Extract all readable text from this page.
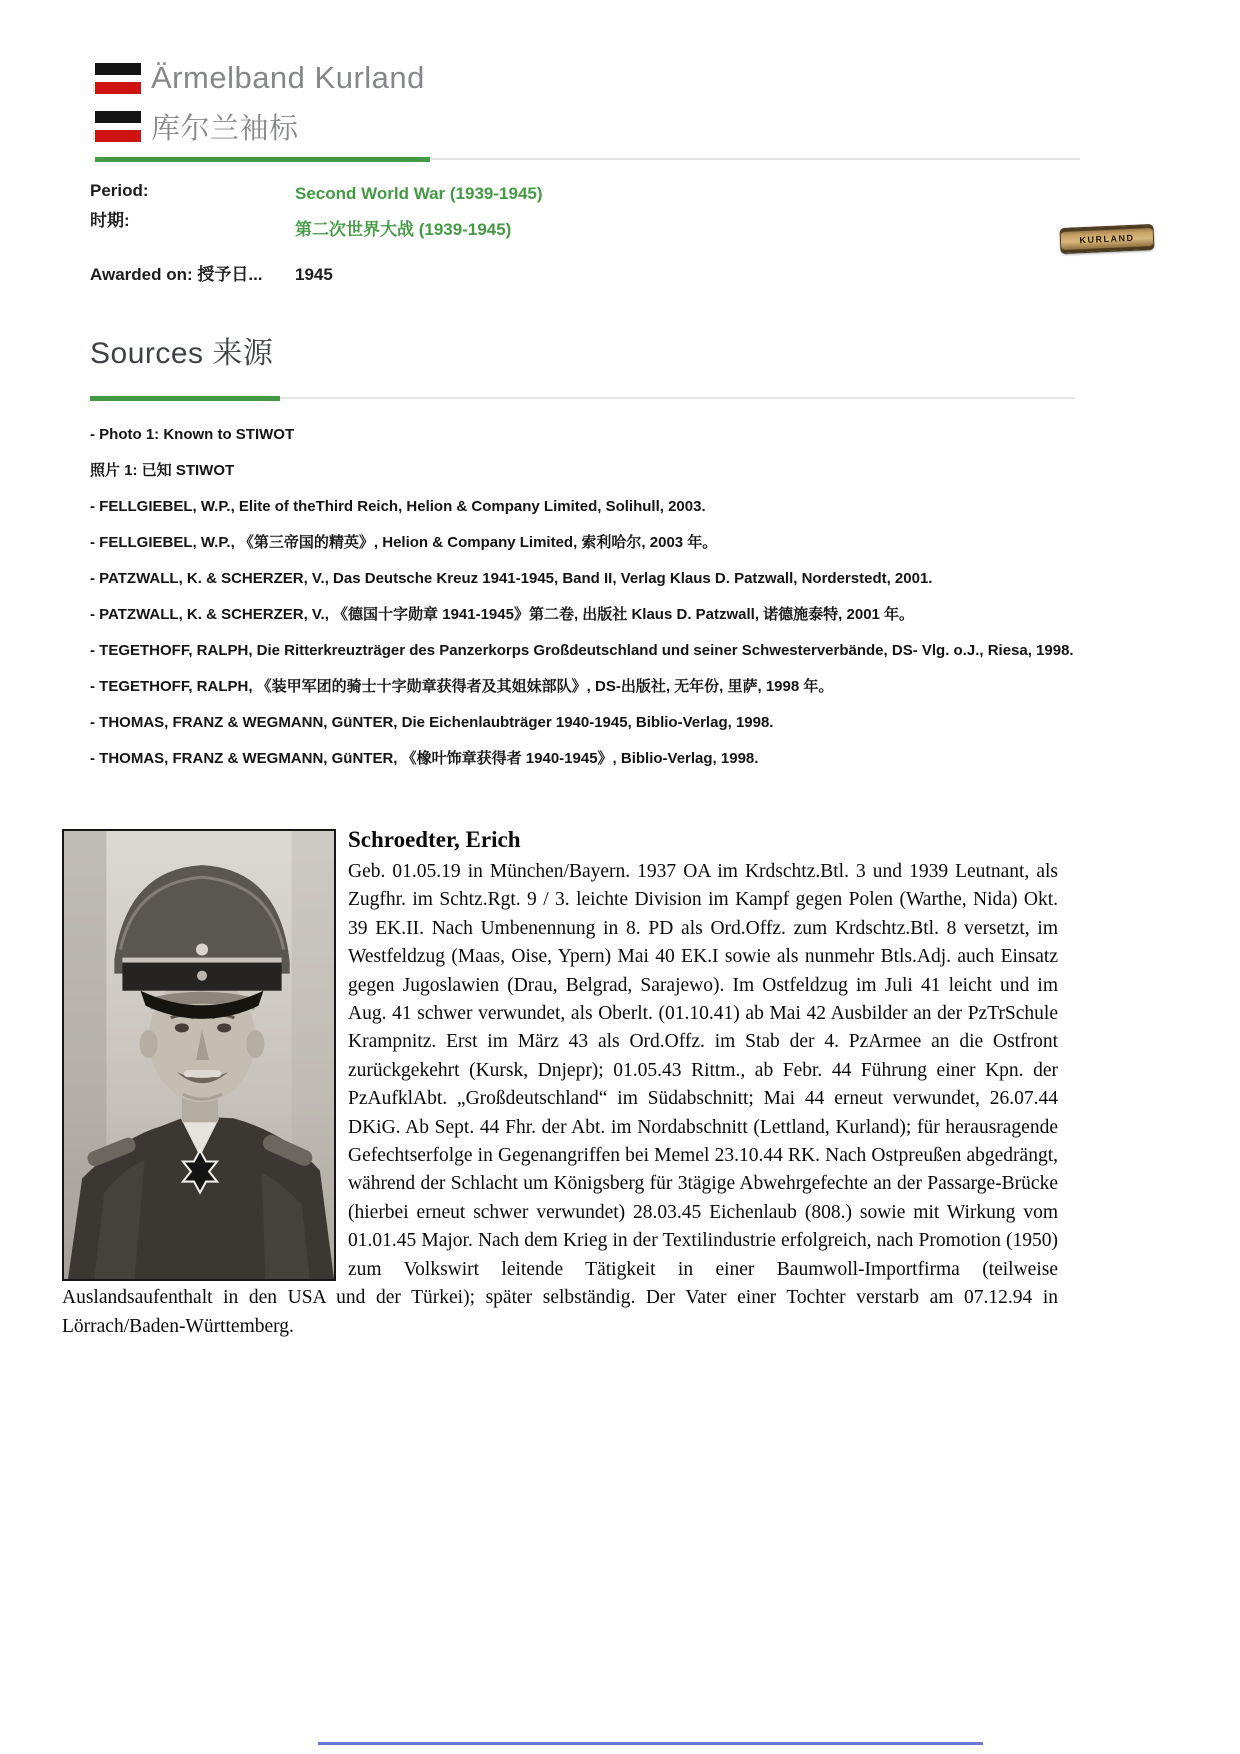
Ärmelband Kurland
库尔兰袖标
Period:
时期:
Second World War (1939-1945)
第二次世界大战 (1939-1945)
Awarded on: 授予日...	1945
KURLAND
Sources 来源
- Photo 1: Known to STIWOT
照片 1: 已知 STIWOT
- FELLGIEBEL, W.P., Elite of theThird Reich, Helion & Company Limited, Solihull, 2003.
- FELLGIEBEL, W.P., 《第三帝国的精英》, Helion & Company Limited, 索利哈尔, 2003 年。
- PATZWALL, K. & SCHERZER, V., Das Deutsche Kreuz 1941-1945, Band II, Verlag Klaus D. Patzwall, Norderstedt, 2001.
- PATZWALL, K. & SCHERZER, V., 《德国十字勋章 1941-1945》第二卷, 出版社 Klaus D. Patzwall, 诺德施泰特, 2001 年。
- TEGETHOFF, RALPH, Die Ritterkreuzträger des Panzerkorps Großdeutschland und seiner Schwesterverbände, DS- Vlg. o.J., Riesa, 1998.
- TEGETHOFF, RALPH, 《装甲军团的骑士十字勋章获得者及其姐妹部队》, DS-出版社, 无年份, 里萨, 1998 年。
- THOMAS, FRANZ & WEGMANN, GüNTER, Die Eichenlaubträger 1940-1945, Biblio-Verlag, 1998.
- THOMAS, FRANZ & WEGMANN, GüNTER, 《橡叶饰章获得者 1940-1945》, Biblio-Verlag, 1998.
Schroedter, Erich

Geb. 01.05.19 in München/Bayern. 1937 OA im Krdschtz.Btl. 3 und 1939 Leutnant, als Zugfhr. im Schtz.Rgt. 9 / 3. leichte Division im Kampf gegen Polen (Warthe, Nida) Okt. 39 EK.II. Nach Umbenennung in 8. PD als Ord.Offz. zum Krdschtz.Btl. 8 versetzt, im Westfeldzug (Maas, Oise, Ypern) Mai 40 EK.I sowie als nunmehr Btls.Adj. auch Einsatz gegen Jugoslawien (Drau, Belgrad, Sarajewo). Im Ostfeldzug im Juli 41 leicht und im Aug. 41 schwer verwundet, als Oberlt. (01.10.41) ab Mai 42 Ausbilder an der PzTrSchule Krampnitz. Erst im März 43 als Ord.Offz. im Stab der 4. PzArmee an die Ostfront zurückgekehrt (Kursk, Dnjepr); 01.05.43 Rittm., ab Febr. 44 Führung einer Kpn. der PzAufklAbt. „Großdeutschland“ im Südabschnitt; Mai 44 erneut verwundet, 26.07.44 DKiG. Ab Sept. 44 Fhr. der Abt. im Nordabschnitt (Lettland, Kurland); für herausragende Gefechtserfolge in Gegenangriffen bei Memel 23.10.44 RK. Nach Ostpreußen abgedrängt, während der Schlacht um Königsberg für 3tägige Abwehrgefechte an der Passarge-Brücke (hierbei erneut schwer verwundet) 28.03.45 Eichenlaub (808.) sowie mit Wirkung vom 01.01.45 Major. Nach dem Krieg in der Textilindustrie erfolgreich, nach Promotion (1950) zum Volkswirt leitende Tätigkeit in einer Baumwoll-Importfirma (teilweise Auslandsaufenthalt in den USA und der Türkei); später selbständig. Der Vater einer Tochter verstarb am 07.12.94 in Lörrach/Baden-Württemberg.
